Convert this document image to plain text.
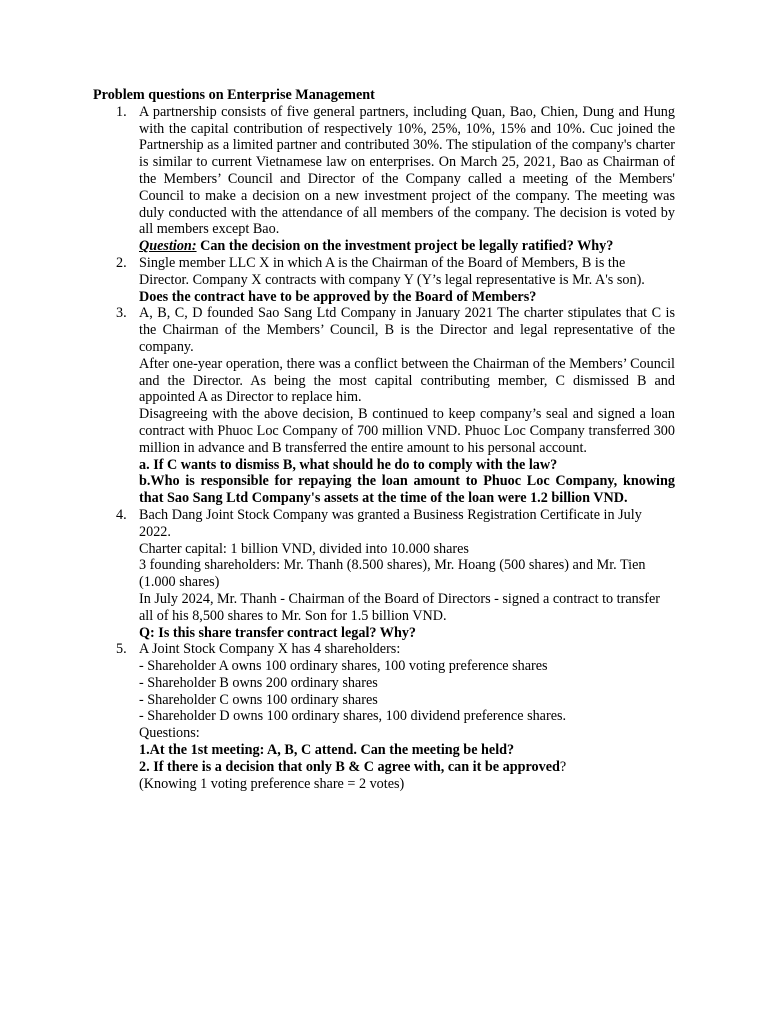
Problem questions on Enterprise Management

1. A partnership consists of five general partners, including Quan, Bao, Chien, Dung and Hung with the capital contribution of respectively 10%, 25%, 10%, 15% and 10%. Cuc joined the Partnership as a limited partner and contributed 30%. The stipulation of the company's charter is similar to current Vietnamese law on enterprises. On March 25, 2021, Bao as Chairman of the Members’ Council and Director of the Company called a meeting of the Members' Council to make a decision on a new investment project of the company. The meeting was duly conducted with the attendance of all members of the company. The decision is voted by all members except Bao.

Question: Can the decision on the investment project be legally ratified? Why?

2. Single member LLC X in which A is the Chairman of the Board of Members, B is the Director. Company X contracts with company Y (Y’s legal representative is Mr. A's son). Does the contract have to be approved by the Board of Members?

3. A, B, C, D founded Sao Sang Ltd Company in January 2021 The charter stipulates that C is the Chairman of the Members’ Council, B is the Director and legal representative of the company.

After one-year operation, there was a conflict between the Chairman of the Members’ Council and the Director. As being the most capital contributing member, C dismissed B and appointed A as Director to replace him.

Disagreeing with the above decision, B continued to keep company’s seal and signed a loan contract with Phuoc Loc Company of 700 million VND. Phuoc Loc Company transferred 300 million in advance and B transferred the entire amount to his personal account.

a. If C wants to dismiss B, what should he do to comply with the law?

b.Who is responsible for repaying the loan amount to Phuoc Loc Company, knowing that Sao Sang Ltd Company's assets at the time of the loan were 1.2 billion VND.

4. Bach Dang Joint Stock Company was granted a Business Registration Certificate in July 2022.

Charter capital: 1 billion VND, divided into 10.000 shares

3 founding shareholders: Mr. Thanh (8.500 shares), Mr. Hoang (500 shares) and Mr. Tien (1.000 shares)

In July 2024, Mr. Thanh - Chairman of the Board of Directors - signed a contract to transfer all of his 8,500 shares to Mr. Son for 1.5 billion VND.

Q: Is this share transfer contract legal? Why?

5. A Joint Stock Company X has 4 shareholders:

- Shareholder A owns 100 ordinary shares, 100 voting preference shares

- Shareholder B owns 200 ordinary shares

- Shareholder C owns 100 ordinary shares

- Shareholder D owns 100 ordinary shares, 100 dividend preference shares.

Questions:

1.At the 1st meeting: A, B, C attend. Can the meeting be held?

2. If there is a decision that only B & C agree with, can it be approved?

(Knowing 1 voting preference share = 2 votes)
